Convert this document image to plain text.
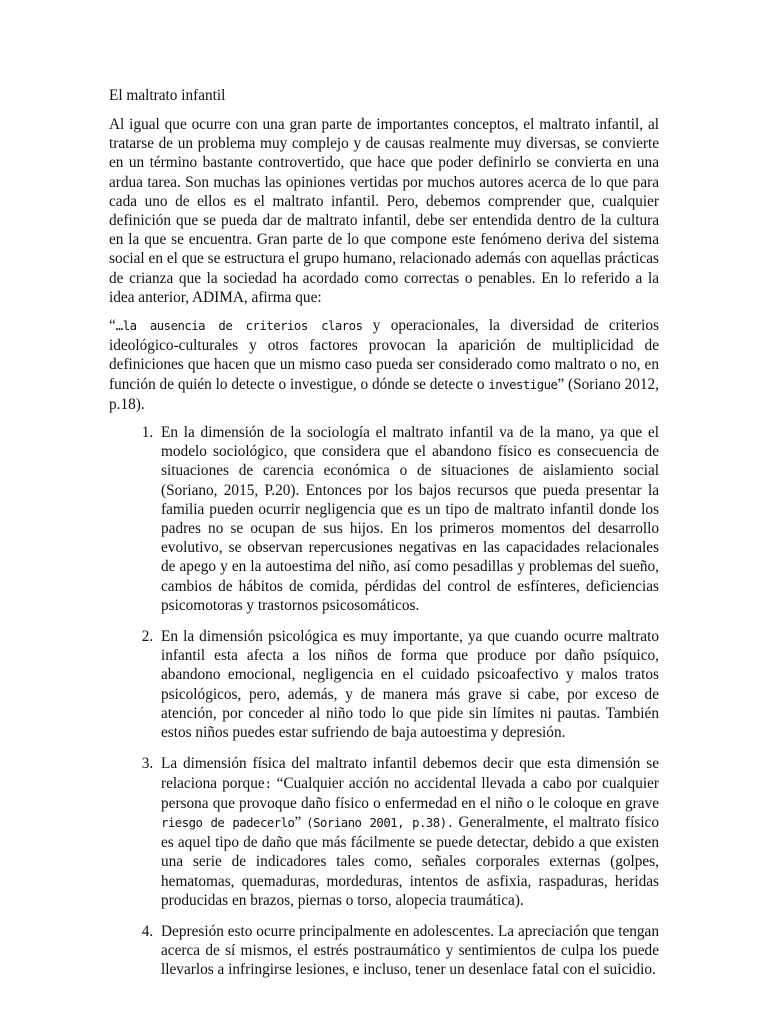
El maltrato infantil

Al igual que ocurre con una gran parte de importantes conceptos, el maltrato infantil, al tratarse de un problema muy complejo y de causas realmente muy diversas, se convierte en un término bastante controvertido, que hace que poder definirlo se convierta en una ardua tarea. Son muchas las opiniones vertidas por muchos autores acerca de lo que para cada uno de ellos es el maltrato infantil. Pero, debemos comprender que, cualquier definición que se pueda dar de maltrato infantil, debe ser entendida dentro de la cultura en la que se encuentra. Gran parte de lo que compone este fenómeno deriva del sistema social en el que se estructura el grupo humano, relacionado además con aquellas prácticas de crianza que la sociedad ha acordado como correctas o penables. En lo referido a la idea anterior, ADIMA, afirma que:

“…la ausencia de criterios claros y operacionales, la diversidad de criterios ideológico-culturales y otros factores provocan la aparición de multiplicidad de definiciones que hacen que un mismo caso pueda ser considerado como maltrato o no, en función de quién lo detecte o investigue, o dónde se detecte o investigue” (Soriano 2012, p.18).

1. En la dimensión de la sociología el maltrato infantil va de la mano, ya que el modelo sociológico, que considera que el abandono físico es consecuencia de situaciones de carencia económica o de situaciones de aislamiento social (Soriano, 2015, P.20). Entonces por los bajos recursos que pueda presentar la familia pueden ocurrir negligencia que es un tipo de maltrato infantil donde los padres no se ocupan de sus hijos. En los primeros momentos del desarrollo evolutivo, se observan repercusiones negativas en las capacidades relacionales de apego y en la autoestima del niño, así como pesadillas y problemas del sueño, cambios de hábitos de comida, pérdidas del control de esfínteres, deficiencias psicomotoras y trastornos psicosomáticos.
2. En la dimensión psicológica es muy importante, ya que cuando ocurre maltrato infantil esta afecta a los niños de forma que produce por daño psíquico, abandono emocional, negligencia en el cuidado psicoafectivo y malos tratos psicológicos, pero, además, y de manera más grave si cabe, por exceso de atención, por conceder al niño todo lo que pide sin límites ni pautas. También estos niños puedes estar sufriendo de baja autoestima y depresión.
3. La dimensión física del maltrato infantil debemos decir que esta dimensión se relaciona porque: “Cualquier acción no accidental llevada a cabo por cualquier persona que provoque daño físico o enfermedad en el niño o le coloque en grave riesgo de padecerlo” (Soriano 2001, p.38). Generalmente, el maltrato físico es aquel tipo de daño que más fácilmente se puede detectar, debido a que existen una serie de indicadores tales como, señales corporales externas (golpes, hematomas, quemaduras, mordeduras, intentos de asfixia, raspaduras, heridas producidas en brazos, piernas o torso, alopecia traumática).
4. Depresión esto ocurre principalmente en adolescentes. La apreciación que tengan acerca de sí mismos, el estrés postraumático y sentimientos de culpa los puede llevarlos a infringirse lesiones, e incluso, tener un desenlace fatal con el suicidio.
